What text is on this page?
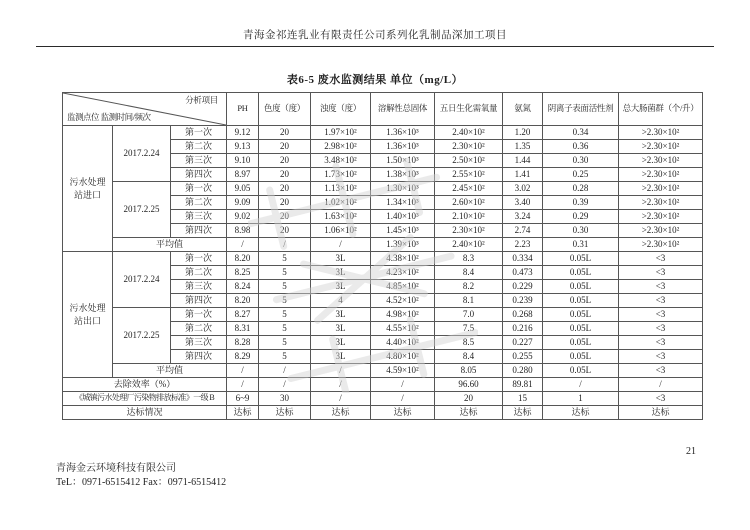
青海金祁连乳业有限责任公司系列化乳制品深加工项目
表6-5 废水监测结果 单位（mg/L）
分析项目
监测点位 监测时间/频次			PH	色度（度）	浊度（度）	溶解性总固体	五日生化需氧量	氨氮	阴离子表面活性剂	总大肠菌群（个/升）
污水处理站进口	2017.2.24	第一次	9.12	20	1.97×10²	1.36×10³	2.40×10²	1.20	0.34	>2.30×10²
		第二次	9.13	20	2.98×10²	1.36×10³	2.30×10²	1.35	0.36	>2.30×10²
		第三次	9.10	20	3.48×10²	1.50×10³	2.50×10²	1.44	0.30	>2.30×10²
		第四次	8.97	20	1.73×10²	1.38×10³	2.55×10²	1.41	0.25	>2.30×10²
	2017.2.25	第一次	9.05	20	1.13×10²	1.30×10³	2.45×10²	3.02	0.28	>2.30×10²
		第二次	9.09	20	1.02×10²	1.34×10³	2.60×10²	3.40	0.39	>2.30×10²
		第三次	9.02	20	1.63×10²	1.40×10³	2.10×10²	3.24	0.29	>2.30×10²
		第四次	8.98	20	1.06×10²	1.45×10³	2.30×10²	2.74	0.30	>2.30×10²
	平均值		/	/	/	1.39×10³	2.40×10²	2.23	0.31	>2.30×10²
污水处理站出口	2017.2.24	第一次	8.20	5	3L	4.38×10²	8.3	0.334	0.05L	<3
		第二次	8.25	5	3L	4.23×10²	8.4	0.473	0.05L	<3
		第三次	8.24	5	3L	4.85×10²	8.2	0.229	0.05L	<3
		第四次	8.20	5	4	4.52×10²	8.1	0.239	0.05L	<3
	2017.2.25	第一次	8.27	5	3L	4.98×10²	7.0	0.268	0.05L	<3
		第二次	8.31	5	3L	4.55×10²	7.5	0.216	0.05L	<3
		第三次	8.28	5	3L	4.40×10²	8.5	0.227	0.05L	<3
		第四次	8.29	5	3L	4.80×10²	8.4	0.255	0.05L	<3
	平均值		/	/	/	4.59×10²	8.05	0.280	0.05L	<3
去除效率（%）			/	/	/	/	96.60	89.81	/	/
《城镇污水处理厂污染物排放标准》一级 B			6~9	30	/	/	20	15	1	<3
达标情况			达标	达标	达标	达标	达标	达标	达标	达标
21
青海金云环境科技有限公司
TeL：0971-6515412 Fax：0971-6515412
